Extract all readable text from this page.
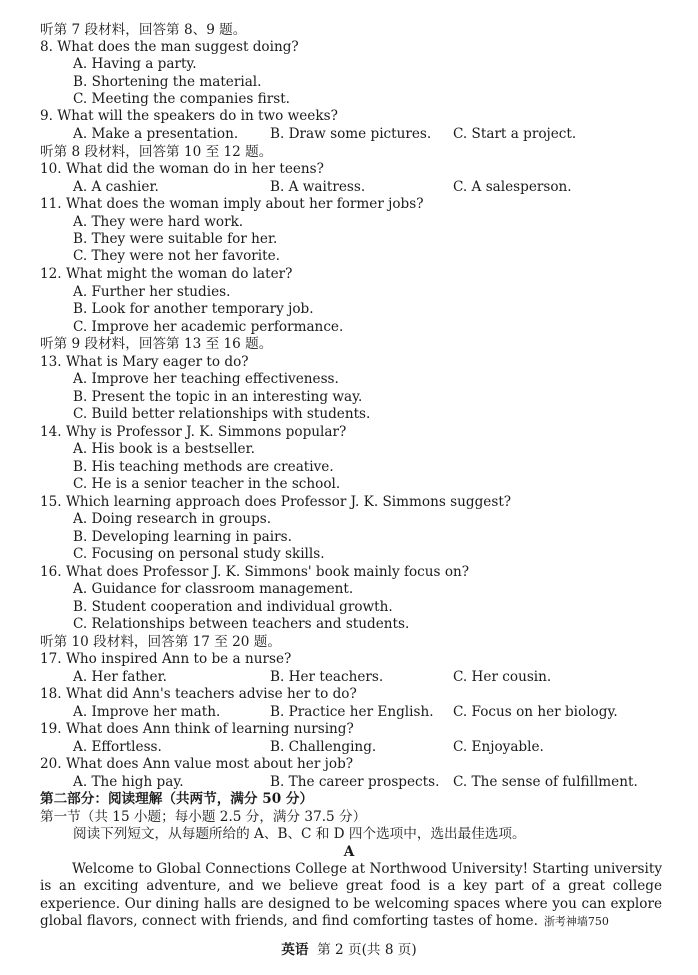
听第 7 段材料，回答第 8、9 题。
8. What does the man suggest doing?
A. Having a party.
B. Shortening the material.
C. Meeting the companies first.
9. What will the speakers do in two weeks?
A. Make a presentation. B. Draw some pictures. C. Start a project.
听第 8 段材料，回答第 10 至 12 题。
10. What did the woman do in her teens?
A. A cashier.	B. A waitress.	C. A salesperson.
11. What does the woman imply about her former jobs?
A. They were hard work.
B. They were suitable for her.
C. They were not her favorite.
12. What might the woman do later?
A. Further her studies.
B. Look for another temporary job.
C. Improve her academic performance.
听第 9 段材料，回答第 13 至 16 题。
13. What is Mary eager to do?
A. Improve her teaching effectiveness.
B. Present the topic in an interesting way.
C. Build better relationships with students.
14. Why is Professor J. K. Simmons popular?
A. His book is a bestseller.
B. His teaching methods are creative.
C. He is a senior teacher in the school.
15. Which learning approach does Professor J. K. Simmons suggest?
A. Doing research in groups.
B. Developing learning in pairs.
C. Focusing on personal study skills.
16. What does Professor J. K. Simmons' book mainly focus on?
A. Guidance for classroom management.
B. Student cooperation and individual growth.
C. Relationships between teachers and students.
听第 10 段材料，回答第 17 至 20 题。
17. Who inspired Ann to be a nurse?
A. Her father.	B. Her teachers.	C. Her cousin.
18. What did Ann's teachers advise her to do?
A. Improve her math.	B. Practice her English. C. Focus on her biology.
19. What does Ann think of learning nursing?
A. Effortless.	B. Challenging.	C. Enjoyable.
20. What does Ann value most about her job?
A. The high pay.	B. The career prospects. C. The sense of fulfillment.
第二部分：阅读理解（共两节，满分 50 分）
第一节（共 15 小题；每小题 2.5 分，满分 37.5 分）
阅读下列短文，从每题所给的 A、B、C 和 D 四个选项中，选出最佳选项。
A
Welcome to Global Connections College at Northwood University! Starting university is an exciting adventure, and we believe great food is a key part of a great college experience. Our dining halls are designed to be welcoming spaces where you can explore global flavors, connect with friends, and find comforting tastes of home. 浙考神墙750
英语 第 2 页(共 8 页)
